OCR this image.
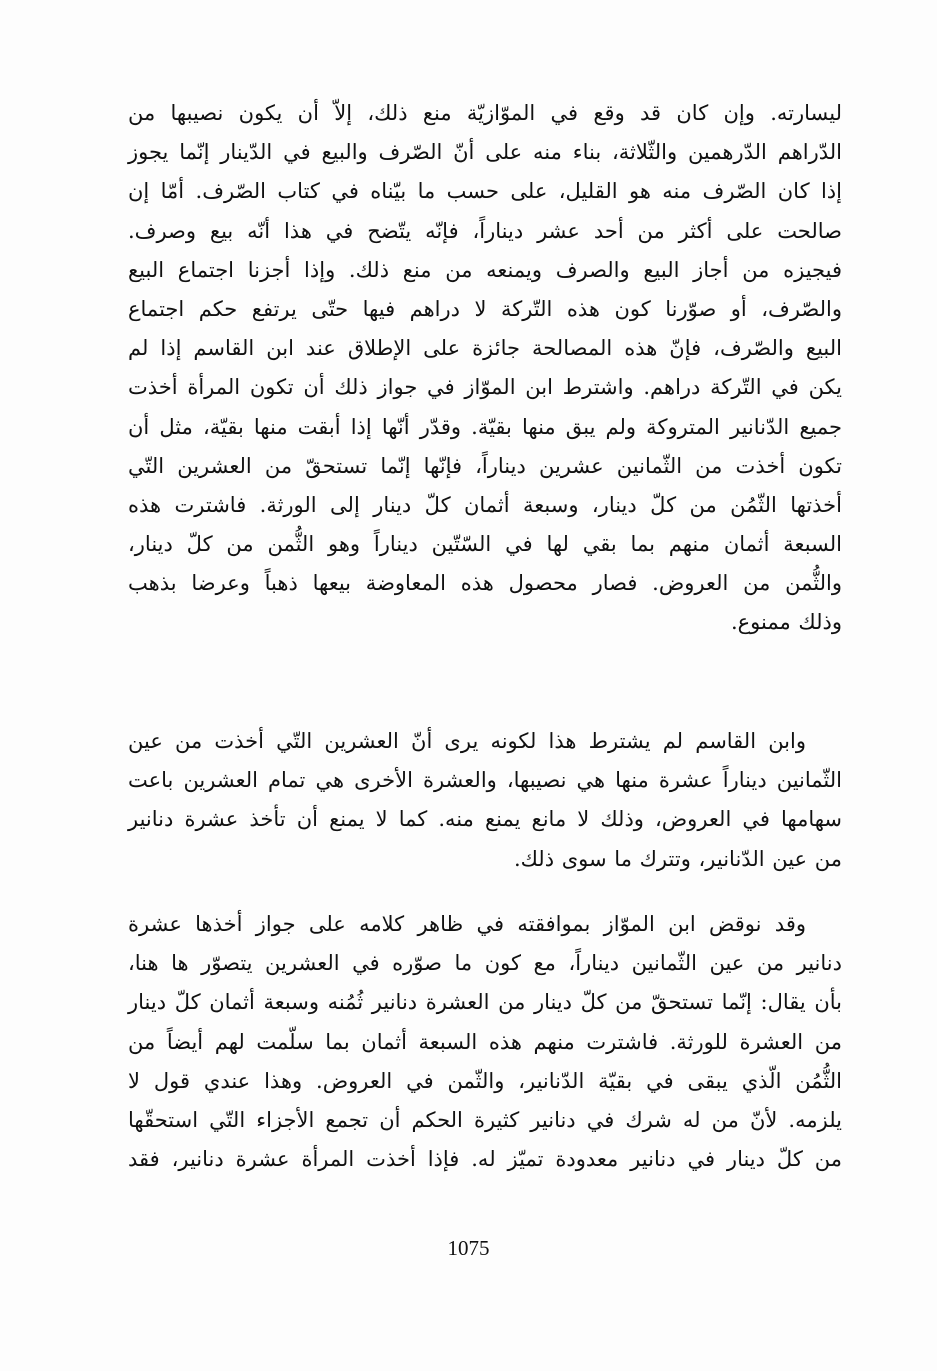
ليسارته. وإن كان قد وقع في الموّازيّة منع ذلك، إلاّ أن يكون نصيبها من
الدّراهم الدّرهمين والثّلاثة، بناء منه على أنّ الصّرف والبيع في الدّينار إنّما يجوز
إذا كان الصّرف منه هو القليل، على حسب ما بيّناه في كتاب الصّرف. أمّا إن
صالحت على أكثر من أحد عشر ديناراً، فإنّه يتّضح في هذا أنّه بيع وصرف.
فيجيزه من أجاز البيع والصرف ويمنعه من منع ذلك. وإذا أجزنا اجتماع البيع
والصّرف، أو صوّرنا كون هذه التّركة لا دراهم فيها حتّى يرتفع حكم اجتماع
البيع والصّرف، فإنّ هذه المصالحة جائزة على الإطلاق عند ابن القاسم إذا لم
يكن في التّركة دراهم. واشترط ابن الموّاز في جواز ذلك أن تكون المرأة أخذت
جميع الدّنانير المتروكة ولم يبق منها بقيّة. وقدّر أنّها إذا أبقت منها بقيّة، مثل أن
تكون أخذت من الثّمانين عشرين ديناراً، فإنّها إنّما تستحقّ من العشرين التّي
أخذتها الثّمُن من كلّ دينار، وسبعة أثمان كلّ دينار إلى الورثة. فاشترت هذه
السبعة أثمان منهم بما بقي لها في السّتّين ديناراً وهو الثُّمن من كلّ دينار،
والثُّمن من العروض. فصار محصول هذه المعاوضة بيعها ذهباً وعرضا بذهب
وذلك ممنوع.
وابن القاسم لم يشترط هذا لكونه يرى أنّ العشرين التّي أخذت من عين
الثّمانين ديناراً عشرة منها هي نصيبها، والعشرة الأخرى هي تمام العشرين باعت
سهامها في العروض، وذلك لا مانع يمنع منه. كما لا يمنع أن تأخذ عشرة دنانير
من عين الدّنانير، وتترك ما سوى ذلك.
وقد نوقض ابن الموّاز بموافقته في ظاهر كلامه على جواز أخذها عشرة
دنانير من عين الثّمانين ديناراً، مع كون ما صوّره في العشرين يتصوّر ها هنا،
بأن يقال: إنّما تستحقّ من كلّ دينار من العشرة دنانير ثُمُنه وسبعة أثمان كلّ دينار
من العشرة للورثة. فاشترت منهم هذه السبعة أثمان بما سلّمت لهم أيضاً من
الثُّمُن الّذي يبقى في بقيّة الدّنانير، والثّمن في العروض. وهذا عندي قول لا
يلزمه. لأنّ من له شرك في دنانير كثيرة الحكم أن تجمع الأجزاء التّي استحقّها
من كلّ دينار في دنانير معدودة تميّز له. فإذا أخذت المرأة عشرة دنانير، فقد
1075
